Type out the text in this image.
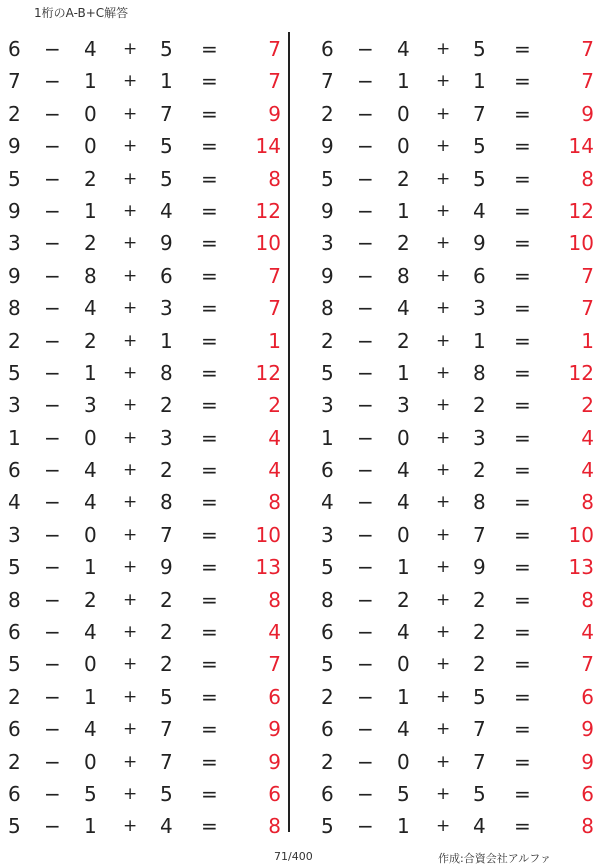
1桁のA-B+C解答
6 − 4 + 5 =	7
7 − 1 + 1 =	7
2 − 0 + 7 =	9
9 − 0 + 5 =	14
5 − 2 + 5 =	8
9 − 1 + 4 =	12
3 − 2 + 9 =	10
9 − 8 + 6 =	7
8 − 4 + 3 =	7
2 − 2 + 1 =	1
5 − 1 + 8 =	12
3 − 3 + 2 =	2
1 − 0 + 3 =	4
6 − 4 + 2 =	4
4 − 4 + 8 =	8
3 − 0 + 7 =	10
5 − 1 + 9 =	13
8 − 2 + 2 =	8
6 − 4 + 2 =	4
5 − 0 + 2 =	7
2 − 1 + 5 =	6
6 − 4 + 7 =	9
2 − 0 + 7 =	9
6 − 5 + 5 =	6
5 − 1 + 4 =	8
6 − 4 + 5 =	7
7 − 1 + 1 =	7
2 − 0 + 7 =	9
9 − 0 + 5 =	14
5 − 2 + 5 =	8
9 − 1 + 4 =	12
3 − 2 + 9 =	10
9 − 8 + 6 =	7
8 − 4 + 3 =	7
2 − 2 + 1 =	1
5 − 1 + 8 =	12
3 − 3 + 2 =	2
1 − 0 + 3 =	4
6 − 4 + 2 =	4
4 − 4 + 8 =	8
3 − 0 + 7 =	10
5 − 1 + 9 =	13
8 − 2 + 2 =	8
6 − 4 + 2 =	4
5 − 0 + 2 =	7
2 − 1 + 5 =	6
6 − 4 + 7 =	9
2 − 0 + 7 =	9
6 − 5 + 5 =	6
5 − 1 + 4 =	8
71/400	作成:合資会社アルファ
